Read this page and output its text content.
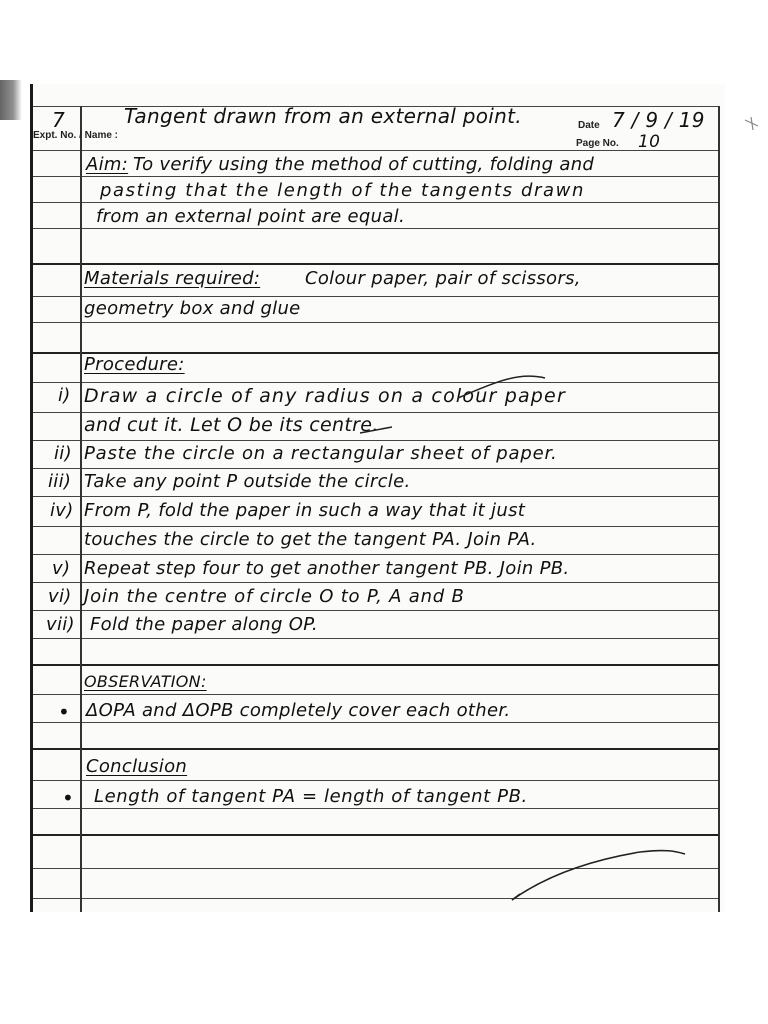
7	Tangent drawn from an external point.
Expt. No. / Name :
Date 7 / 9 / 19
Page No. 10
Aim: To verify using the method of cutting, folding and
pasting that the length of the tangents drawn
from an external point are equal.
Materials required: Colour paper, pair of scissors,
geometry box and glue
Procedure:
i) Draw a circle of any radius on a colour paper
and cut it. Let O be its centre.
ii) Paste the circle on a rectangular sheet of paper.
iii) Take any point P outside the circle.
iv) From P, fold the paper in such a way that it just
touches the circle to get the tangent PA. Join PA.
v) Repeat step four to get another tangent PB. Join PB.
vi) Join the centre of circle O to P, A and B
vii) Fold the paper along OP.
OBSERVATION:
• ΔOPA and ΔOPB completely cover each other.
Conclusion
• Length of tangent PA = length of tangent PB.
